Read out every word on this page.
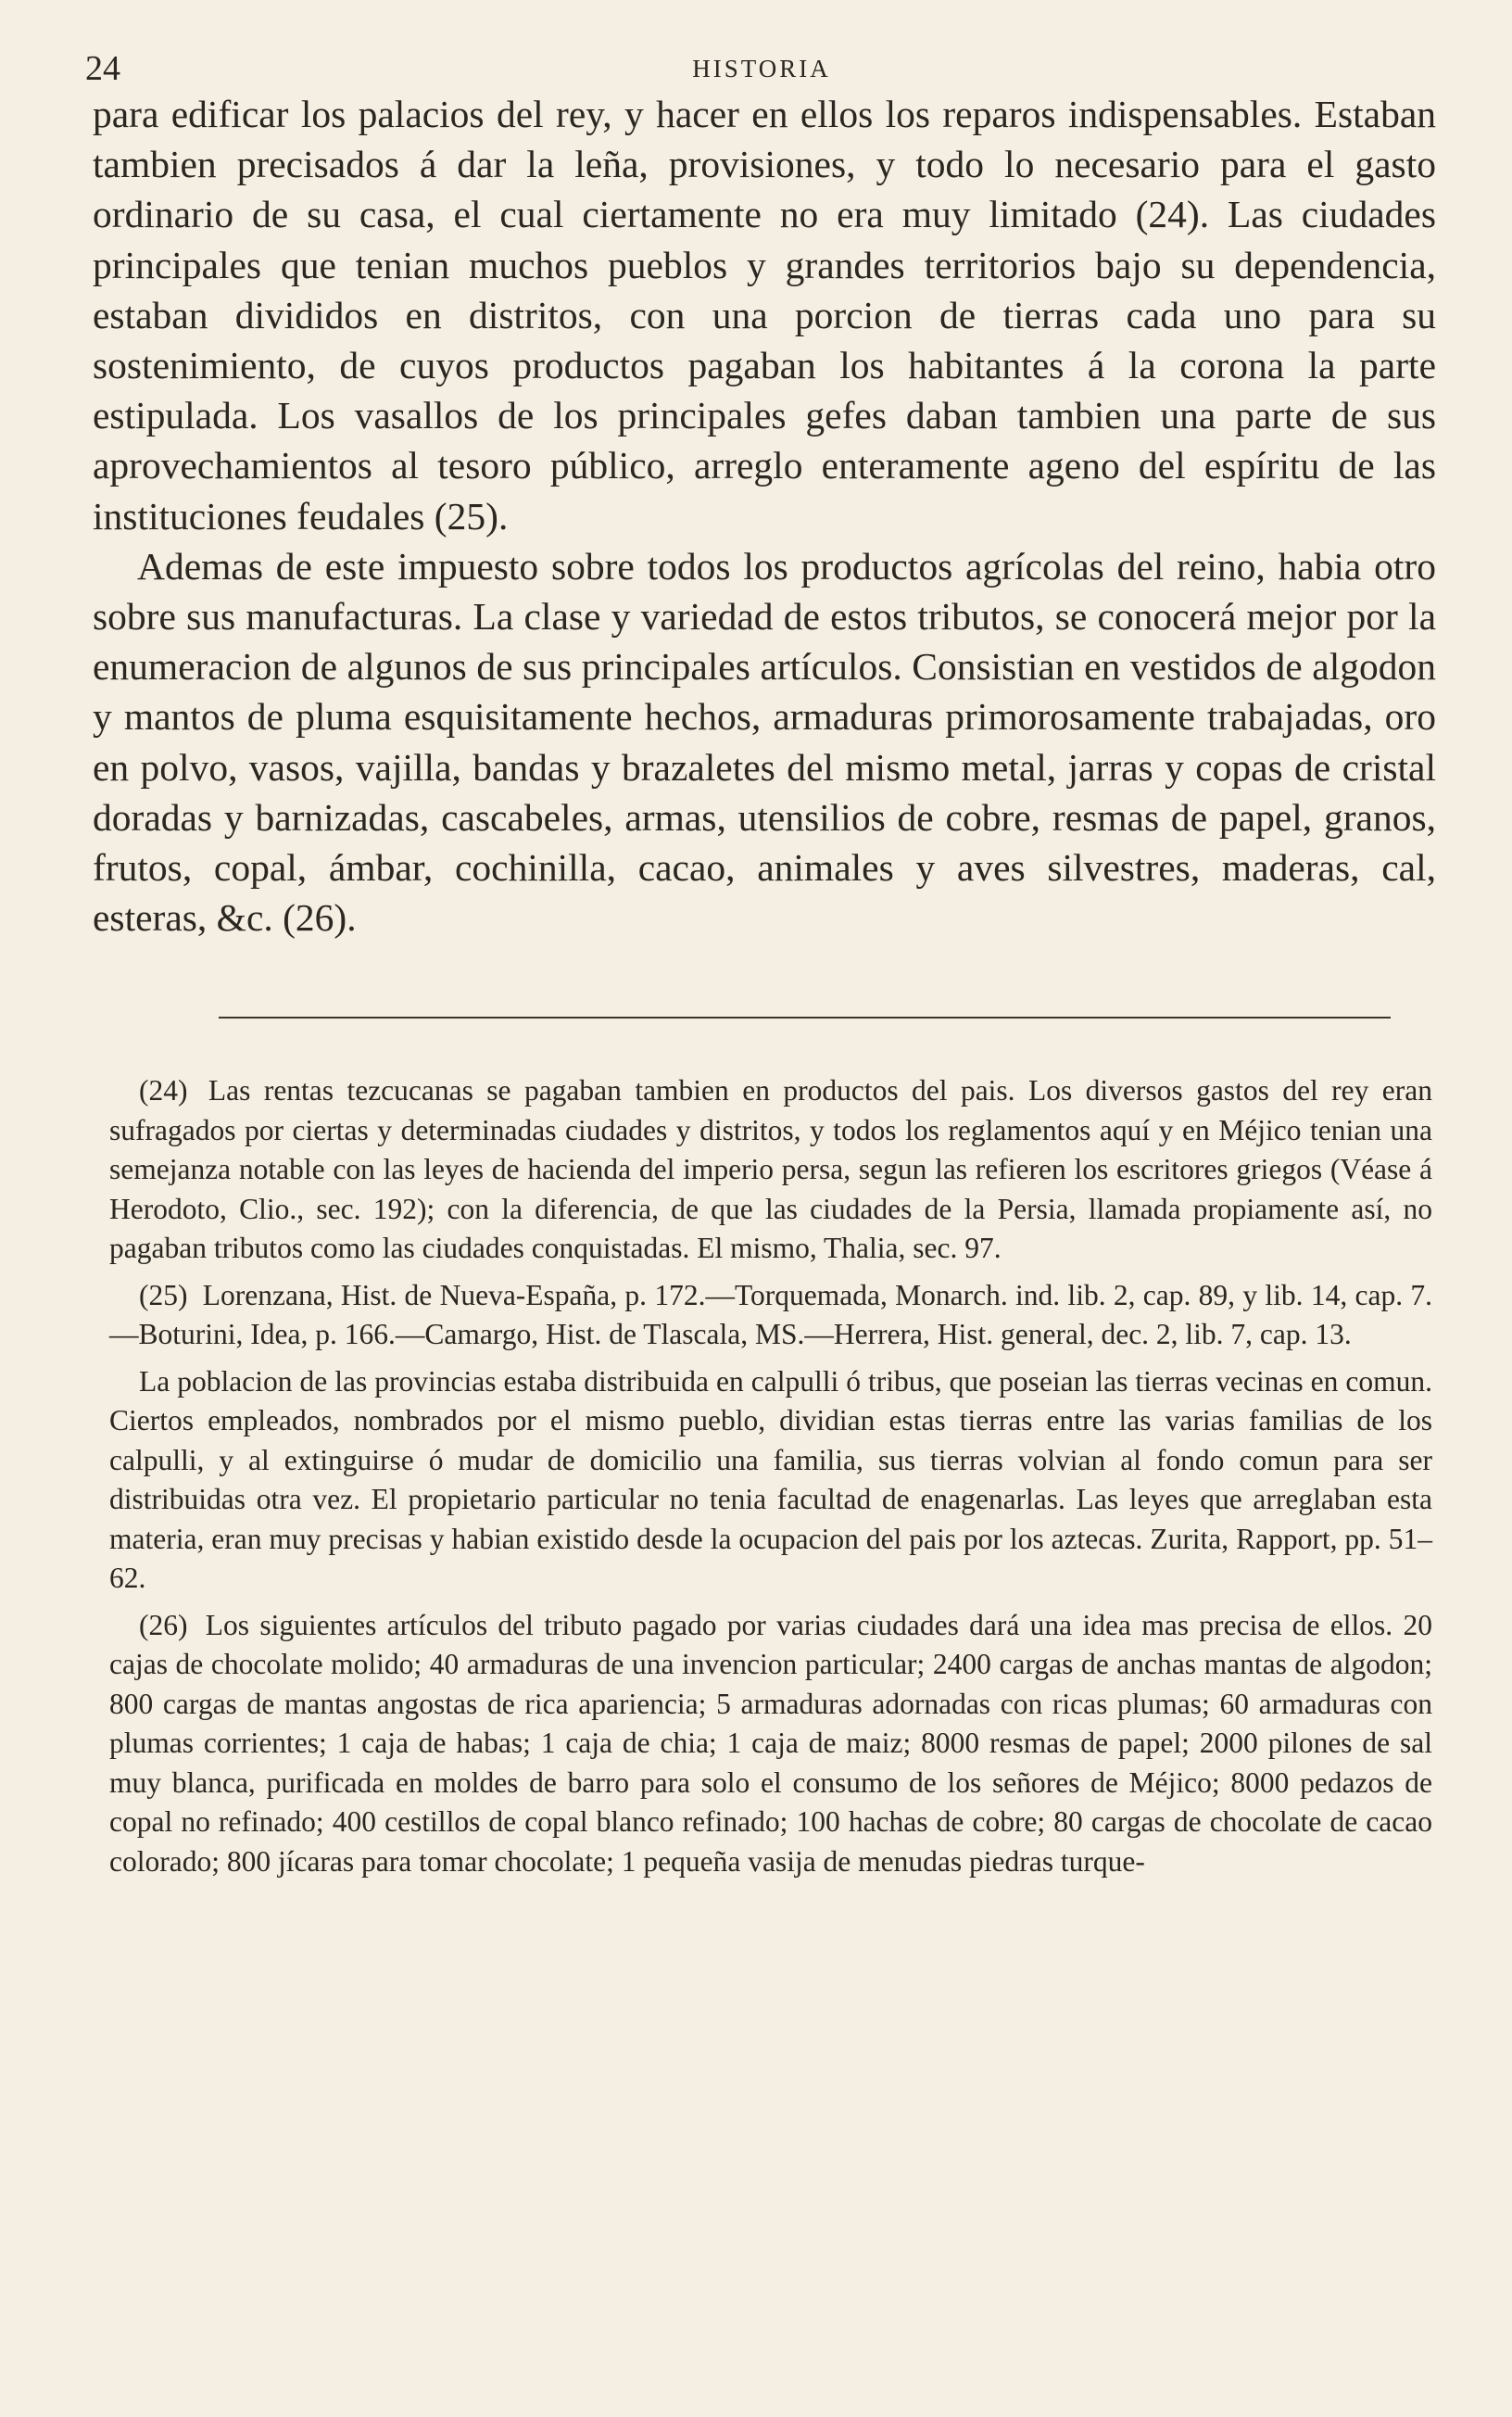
24	HISTORIA

para edificar los palacios del rey, y hacer en ellos los reparos indispensables. Estaban tambien precisados á dar la leña, provisiones, y todo lo necesario para el gasto ordinario de su casa, el cual ciertamente no era muy limitado (24). Las ciudades principales que tenian muchos pueblos y grandes territorios bajo su dependencia, estaban divididos en distritos, con una porcion de tierras cada uno para su sostenimiento, de cuyos productos pagaban los habitantes á la corona la parte estipulada. Los vasallos de los principales gefes daban tambien una parte de sus aprovechamientos al tesoro público, arreglo enteramente ageno del espíritu de las instituciones feudales (25).

Ademas de este impuesto sobre todos los productos agrícolas del reino, habia otro sobre sus manufacturas. La clase y variedad de estos tributos, se conocerá mejor por la enumeracion de algunos de sus principales artículos. Consistian en vestidos de algodon y mantos de pluma esquisitamente hechos, armaduras primorosamente trabajadas, oro en polvo, vasos, vajilla, bandas y brazaletes del mismo metal, jarras y copas de cristal doradas y barnizadas, cascabeles, armas, utensilios de cobre, resmas de papel, granos, frutos, copal, ámbar, cochinilla, cacao, animales y aves silvestres, maderas, cal, esteras, &c. (26).

(24) Las rentas tezcucanas se pagaban tambien en productos del pais. Los diversos gastos del rey eran sufragados por ciertas y determinadas ciudades y distritos, y todos los reglamentos aquí y en Méjico tenian una semejanza notable con las leyes de hacienda del imperio persa, segun las refieren los escritores griegos (Véase á Herodoto, Clio., sec. 192); con la diferencia, de que las ciudades de la Persia, llamada propiamente así, no pagaban tributos como las ciudades conquistadas. El mismo, Thalia, sec. 97.

(25) Lorenzana, Hist. de Nueva-España, p. 172.—Torquemada, Monarch. ind. lib. 2, cap. 89, y lib. 14, cap. 7.—Boturini, Idea, p. 166.—Camargo, Hist. de Tlascala, MS.—Herrera, Hist. general, dec. 2, lib. 7, cap. 13.

La poblacion de las provincias estaba distribuida en calpulli ó tribus, que poseian las tierras vecinas en comun. Ciertos empleados, nombrados por el mismo pueblo, dividian estas tierras entre las varias familias de los calpulli, y al extinguirse ó mudar de domicilio una familia, sus tierras volvian al fondo comun para ser distribuidas otra vez. El propietario particular no tenia facultad de enagenarlas. Las leyes que arreglaban esta materia, eran muy precisas y habian existido desde la ocupacion del pais por los aztecas. Zurita, Rapport, pp. 51–62.

(26) Los siguientes artículos del tributo pagado por varias ciudades dará una idea mas precisa de ellos. 20 cajas de chocolate molido; 40 armaduras de una invencion particular; 2400 cargas de anchas mantas de algodon; 800 cargas de mantas angostas de rica apariencia; 5 armaduras adornadas con ricas plumas; 60 armaduras con plumas corrientes; 1 caja de habas; 1 caja de chia; 1 caja de maiz; 8000 resmas de papel; 2000 pilones de sal muy blanca, purificada en moldes de barro para solo el consumo de los señores de Méjico; 8000 pedazos de copal no refinado; 400 cestillos de copal blanco refinado; 100 hachas de cobre; 80 cargas de chocolate de cacao colorado; 800 jícaras para tomar chocolate; 1 pequeña vasija de menudas piedras turque-
